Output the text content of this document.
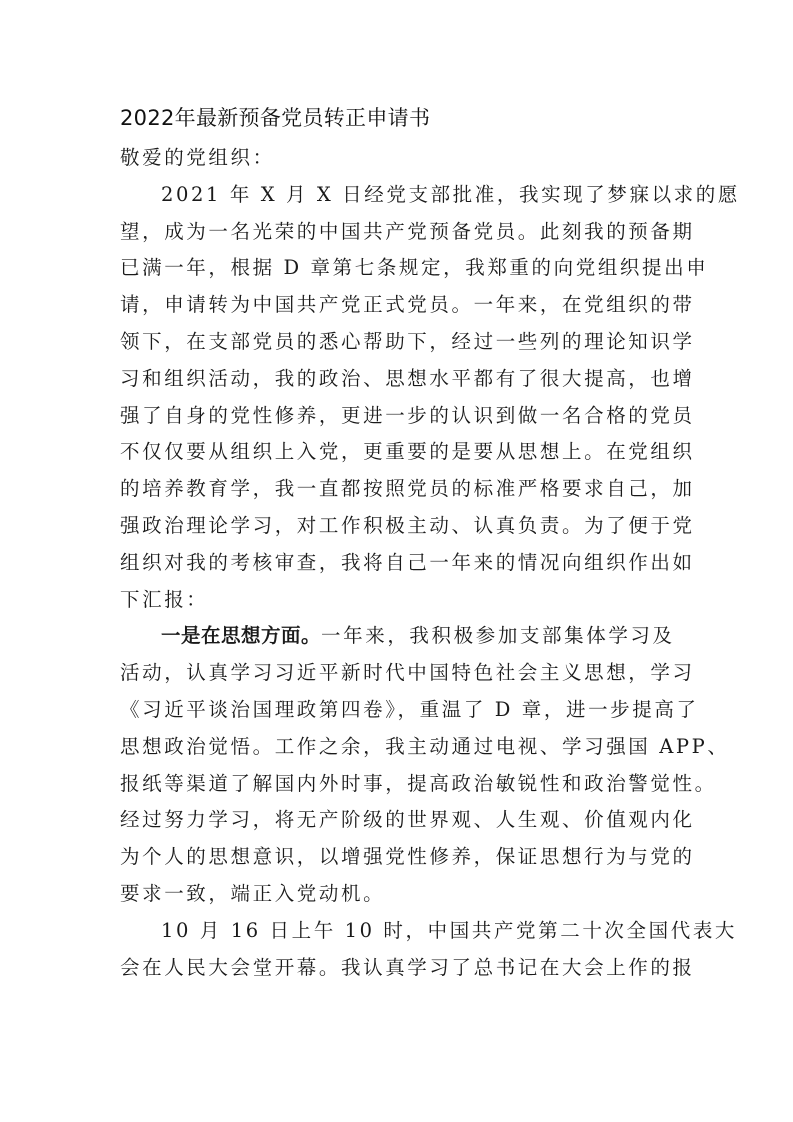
2022年最新预备党员转正申请书
敬爱的党组织：
2021 年 X 月 X 日经党支部批准，我实现了梦寐以求的愿
望，成为一名光荣的中国共产党预备党员。此刻我的预备期
已满一年，根据 D 章第七条规定，我郑重的向党组织提出申
请，申请转为中国共产党正式党员。一年来，在党组织的带
领下，在支部党员的悉心帮助下，经过一些列的理论知识学
习和组织活动，我的政治、思想水平都有了很大提高，也增
强了自身的党性修养，更进一步的认识到做一名合格的党员
不仅仅要从组织上入党，更重要的是要从思想上。在党组织
的培养教育学，我一直都按照党员的标准严格要求自己，加
强政治理论学习，对工作积极主动、认真负责。为了便于党
组织对我的考核审查，我将自己一年来的情况向组织作出如
下汇报：
一是在思想方面。一年来，我积极参加支部集体学习及
活动，认真学习习近平新时代中国特色社会主义思想，学习
《习近平谈治国理政第四卷》，重温了 D 章，进一步提高了
思想政治觉悟。工作之余，我主动通过电视、学习强国 APP、
报纸等渠道了解国内外时事，提高政治敏锐性和政治警觉性。
经过努力学习，将无产阶级的世界观、人生观、价值观内化
为个人的思想意识，以增强党性修养，保证思想行为与党的
要求一致，端正入党动机。
10 月 16 日上午 10 时，中国共产党第二十次全国代表大
会在人民大会堂开幕。我认真学习了总书记在大会上作的报
